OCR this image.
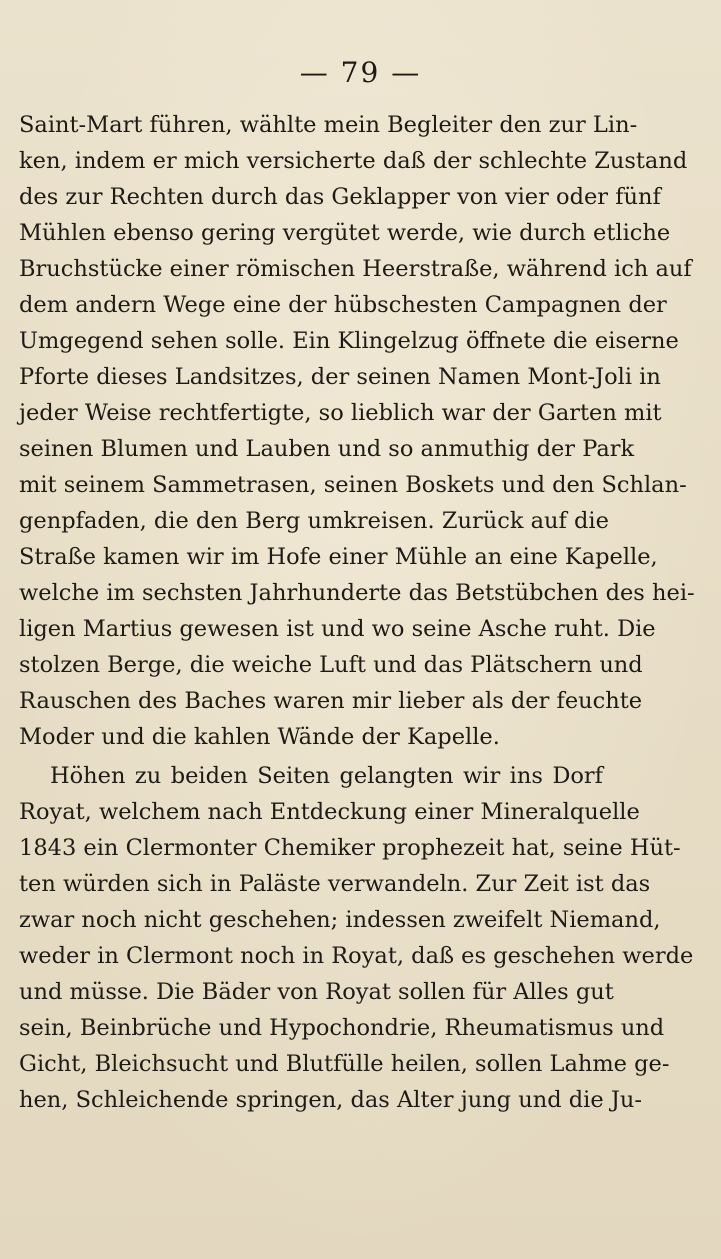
— 79 —
Saint-Mart führen, wählte mein Begleiter den zur Lin-
ken, indem er mich versicherte daß der schlechte Zustand
des zur Rechten durch das Geklapper von vier oder fünf
Mühlen ebenso gering vergütet werde, wie durch etliche
Bruchstücke einer römischen Heerstraße, während ich auf
dem andern Wege eine der hübschesten Campagnen der
Umgegend sehen solle. Ein Klingelzug öffnete die eiserne
Pforte dieses Landsitzes, der seinen Namen Mont-Joli in
jeder Weise rechtfertigte, so lieblich war der Garten mit
seinen Blumen und Lauben und so anmuthig der Park
mit seinem Sammetrasen, seinen Boskets und den Schlan-
genpfaden, die den Berg umkreisen. Zurück auf die
Straße kamen wir im Hofe einer Mühle an eine Kapelle,
welche im sechsten Jahrhunderte das Betstübchen des hei-
ligen Martius gewesen ist und wo seine Asche ruht. Die
stolzen Berge, die weiche Luft und das Plätschern und
Rauschen des Baches waren mir lieber als der feuchte
Moder und die kahlen Wände der Kapelle.
Höhen zu beiden Seiten gelangten wir ins Dorf
Royat, welchem nach Entdeckung einer Mineralquelle
1843 ein Clermonter Chemiker prophezeit hat, seine Hüt-
ten würden sich in Paläste verwandeln. Zur Zeit ist das
zwar noch nicht geschehen; indessen zweifelt Niemand,
weder in Clermont noch in Royat, daß es geschehen werde
und müsse. Die Bäder von Royat sollen für Alles gut
sein, Beinbrüche und Hypochondrie, Rheumatismus und
Gicht, Bleichsucht und Blutfülle heilen, sollen Lahme ge-
hen, Schleichende springen, das Alter jung und die Ju-
